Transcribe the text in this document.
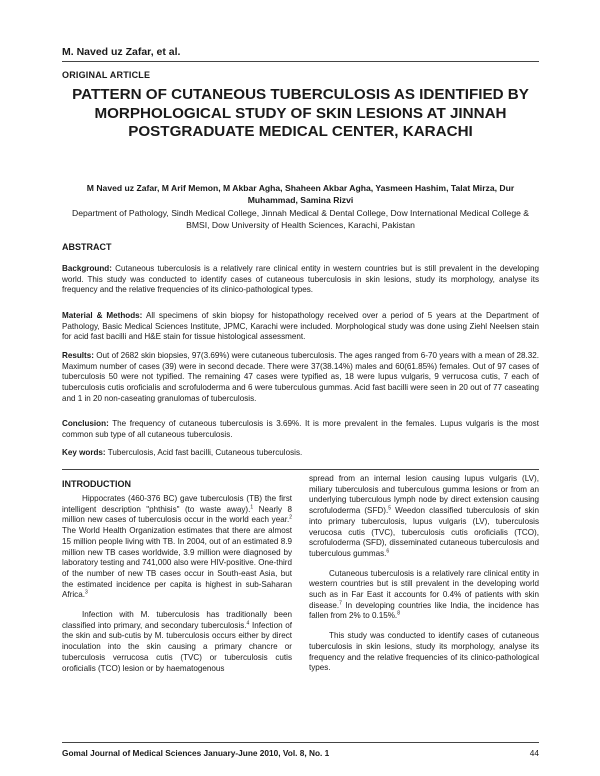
M. Naved uz Zafar, et al.
ORIGINAL ARTICLE
PATTERN OF CUTANEOUS TUBERCULOSIS AS IDENTIFIED BY MORPHOLOGICAL STUDY OF SKIN LESIONS AT JINNAH POSTGRADUATE MEDICAL CENTER, KARACHI
M Naved uz Zafar, M Arif Memon, M Akbar Agha, Shaheen Akbar Agha, Yasmeen Hashim, Talat Mirza, Dur Muhammad, Samina Rizvi
Department of Pathology, Sindh Medical College, Jinnah Medical & Dental College, Dow International Medical College & BMSI, Dow University of Health Sciences, Karachi, Pakistan
ABSTRACT
Background: Cutaneous tuberculosis is a relatively rare clinical entity in western countries but is still prevalent in the developing world. This study was conducted to identify cases of cutaneous tuberculosis in skin lesions, study its morphology, analyse its frequency and the relative frequencies of its clinico-pathological types.
Material & Methods: All specimens of skin biopsy for histopathology received over a period of 5 years at the Department of Pathology, Basic Medical Sciences Institute, JPMC, Karachi were included. Morphological study was done using Ziehl Neelsen stain for acid fast bacilli and H&E stain for tissue histological assessment.
Results: Out of 2682 skin biopsies, 97(3.69%) were cutaneous tuberculosis. The ages ranged from 6-70 years with a mean of 28.32. Maximum number of cases (39) were in second decade. There were 37(38.14%) males and 60(61.85%) females. Out of 97 cases of tuberculosis 50 were not typified. The remaining 47 cases were typified as, 18 were lupus vulgaris, 9 verrucosa cutis, 7 each of tuberculosis cutis oroficialis and scrofuloderma and 6 were tuberculous gummas. Acid fast bacilli were seen in 20 out of 77 caseating and 1 in 20 non-caseating granulomas of tuberculosis.
Conclusion: The frequency of cutaneous tuberculosis is 3.69%. It is more prevalent in the females. Lupus vulgaris is the most common sub type of all cutaneous tuberculosis.
Key words: Tuberculosis, Acid fast bacilli, Cutaneous tuberculosis.
INTRODUCTION

Hippocrates (460-376 BC) gave tuberculosis (TB) the first intelligent description "phthisis" (to waste away).$^1$ Nearly 8 million new cases of tuberculosis occur in the world each year.$^2$ The World Health Organization estimates that there are almost 15 million people living with TB. In 2004, out of an estimated 8.9 million new TB cases worldwide, 3.9 million were diagnosed by laboratory testing and 741,000 also were HIV-positive. One-third of the number of new TB cases occur in South-east Asia, but the estimated incidence per capita is highest in sub-Saharan Africa.$^3$

Infection with M. tuberculosis has traditionally been classified into primary, and secondary tuberculosis.$^4$ Infection of the skin and sub-cutis by M. tuberculosis occurs either by direct inoculation into the skin causing a primary chancre or tuberculosis verrucosa cutis (TVC) or tuberculosis cutis oroficialis (TCO) lesion or by haematogenous

spread from an internal lesion causing lupus vulgaris (LV), miliary tuberculosis and tuberculous gumma lesions or from an underlying tuberculous lymph node by direct extension causing scrofuloderma (SFD).$^5$ Weedon classified tuberculosis of skin into primary tuberculosis, lupus vulgaris (LV), tuberculosis verucosa cutis (TVC), tuberculosis cutis oroficialis (TCO), scrofuloderma (SFD), disseminated cutaneous tuberculosis and tuberculous gummas.$^6$

Cutaneous tuberculosis is a relatively rare clinical entity in western countries but is still prevalent in the developing world such as in Far East it accounts for 0.4% of patients with skin disease.$^7$ In developing countries like India, the incidence has fallen from 2% to 0.15%.$^8$

This study was conducted to identify cases of cutaneous tuberculosis in skin lesions, study its morphology, analyse its frequency and the relative frequencies of its clinico-pathological types.

Gomal Journal of Medical Sciences January-June 2010, Vol. 8, No. 1	44
